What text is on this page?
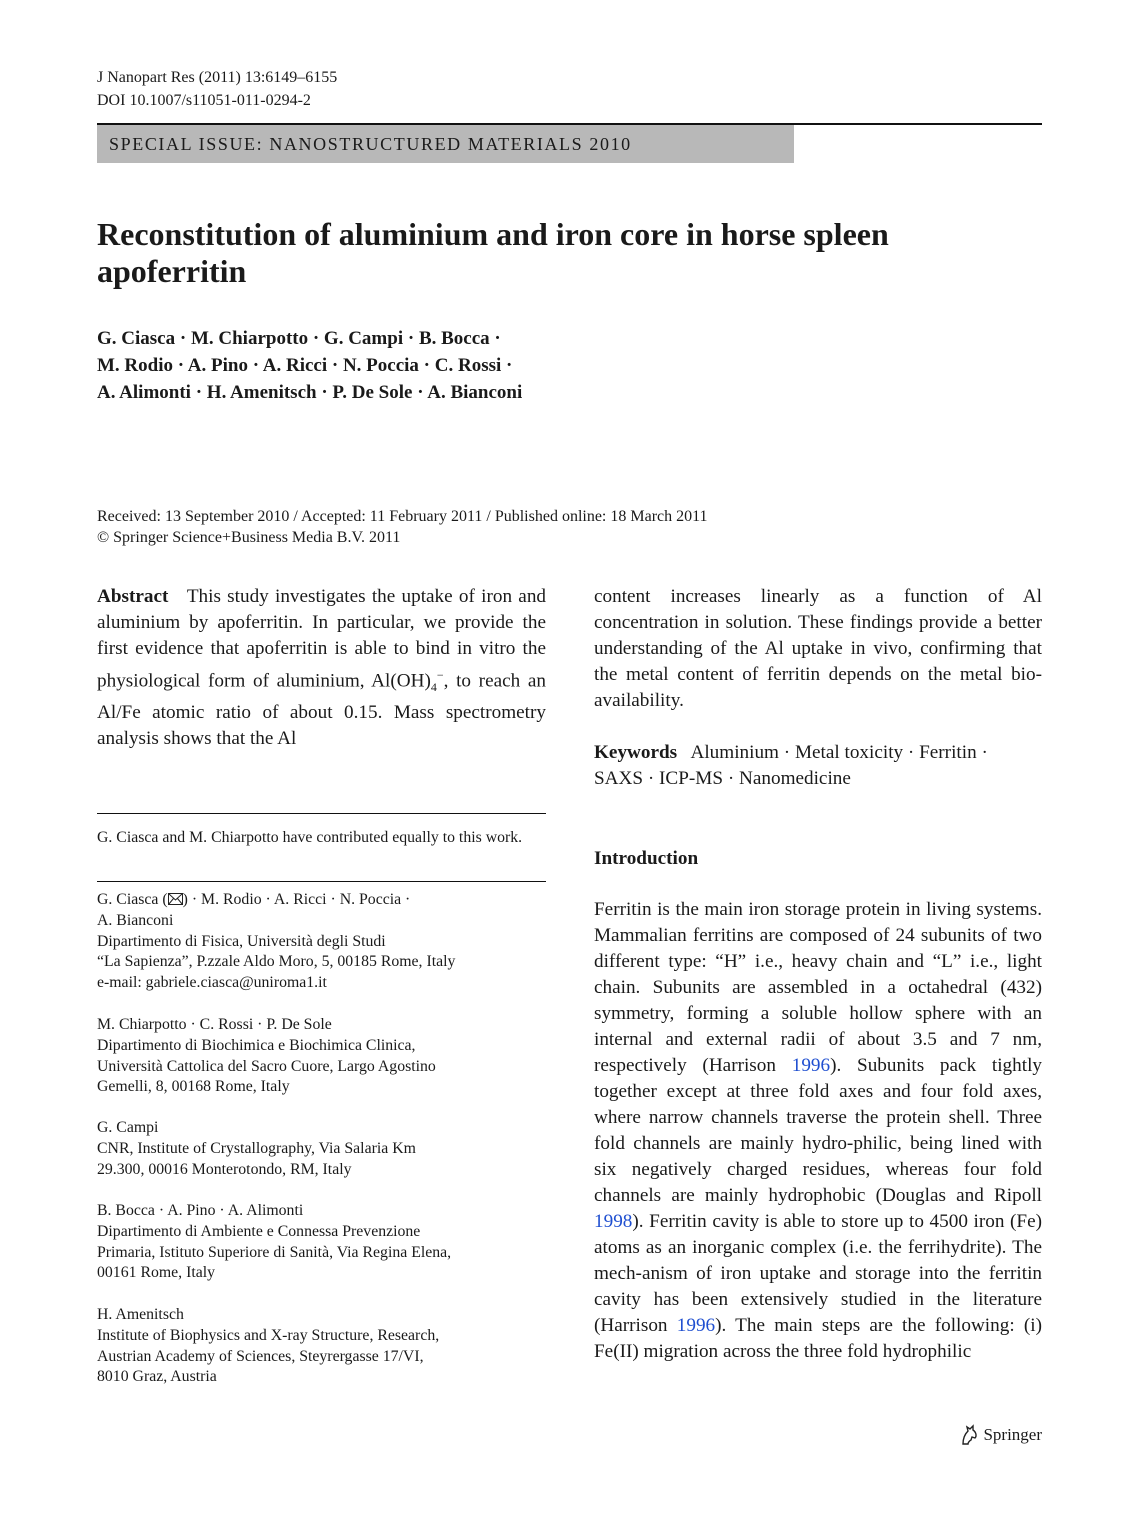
J Nanopart Res (2011) 13:6149–6155
DOI 10.1007/s11051-011-0294-2
SPECIAL ISSUE: NANOSTRUCTURED MATERIALS 2010
Reconstitution of aluminium and iron core in horse spleen
apoferritin
G. Ciasca · M. Chiarpotto · G. Campi · B. Bocca ·
M. Rodio · A. Pino · A. Ricci · N. Poccia · C. Rossi ·
A. Alimonti · H. Amenitsch · P. De Sole · A. Bianconi
Received: 13 September 2010 / Accepted: 11 February 2011 / Published online: 18 March 2011
© Springer Science+Business Media B.V. 2011
Abstract This study investigates the uptake of iron and aluminium by apoferritin. In particular, we provide the first evidence that apoferritin is able to bind in vitro the physiological form of aluminium, $Al(OH)_4^-$, to reach an Al/Fe atomic ratio of about 0.15. Mass spectrometry analysis shows that the Al
content increases linearly as a function of Al concentration in solution. These findings provide a better understanding of the Al uptake in vivo, confirming that the metal content of ferritin depends on the metal bio-availability.
Keywords Aluminium · Metal toxicity · Ferritin ·
SAXS · ICP-MS · Nanomedicine
G. Ciasca and M. Chiarpotto have contributed equally to this work.
G. Ciasca ( ) · M. Rodio · A. Ricci · N. Poccia ·
A. Bianconi
Dipartimento di Fisica, Università degli Studi
“La Sapienza”, P.zzale Aldo Moro, 5, 00185 Rome, Italy
e-mail: gabriele.ciasca@uniroma1.it
M. Chiarpotto · C. Rossi · P. De Sole
Dipartimento di Biochimica e Biochimica Clinica,
Università Cattolica del Sacro Cuore, Largo Agostino
Gemelli, 8, 00168 Rome, Italy
G. Campi
CNR, Institute of Crystallography, Via Salaria Km
29.300, 00016 Monterotondo, RM, Italy
B. Bocca · A. Pino · A. Alimonti
Dipartimento di Ambiente e Connessa Prevenzione
Primaria, Istituto Superiore di Sanità, Via Regina Elena,
00161 Rome, Italy
H. Amenitsch
Institute of Biophysics and X-ray Structure, Research,
Austrian Academy of Sciences, Steyrergasse 17/VI,
8010 Graz, Austria
Introduction
Ferritin is the main iron storage protein in living systems. Mammalian ferritins are composed of 24 subunits of two different type: “H” i.e., heavy chain and “L” i.e., light chain. Subunits are assembled in a octahedral (432) symmetry, forming a soluble hollow sphere with an internal and external radii of about 3.5 and 7 nm, respectively (Harrison 1996). Subunits pack tightly together except at three fold axes and four fold axes, where narrow channels traverse the protein shell. Three fold channels are mainly hydro-philic, being lined with six negatively charged residues, whereas four fold channels are mainly hydrophobic (Douglas and Ripoll 1998). Ferritin cavity is able to store up to 4500 iron (Fe) atoms as an inorganic complex (i.e. the ferrihydrite). The mech-anism of iron uptake and storage into the ferritin cavity has been extensively studied in the literature (Harrison 1996). The main steps are the following: (i) Fe(II) migration across the three fold hydrophilic
Springer
